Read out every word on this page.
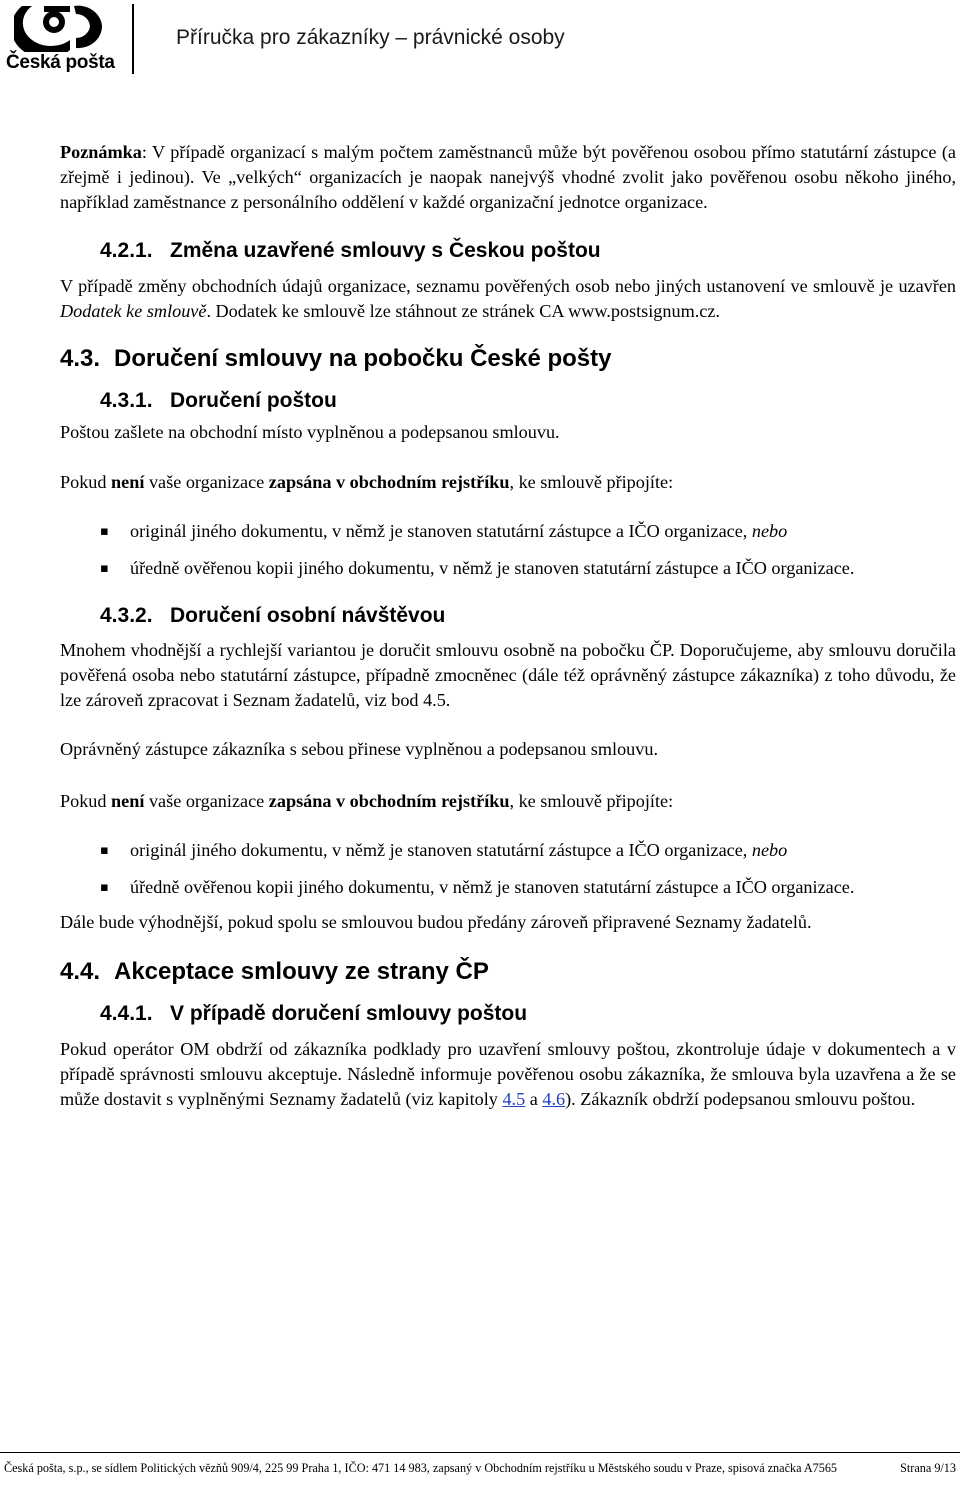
Česká pošta
Příručka pro zákazníky – právnické osoby

Poznámka: V případě organizací s malým počtem zaměstnanců může být pověřenou osobou přímo statutární zástupce (a zřejmě i jedinou). Ve „velkých“ organizacích je naopak nanejvýš vhodné zvolit jako pověřenou osobu někoho jiného, například zaměstnance z personálního oddělení v každé organizační jednotce organizace.

4.2.1. Změna uzavřené smlouvy s Českou poštou

V případě změny obchodních údajů organizace, seznamu pověřených osob nebo jiných ustanovení ve smlouvě je uzavřen Dodatek ke smlouvě. Dodatek ke smlouvě lze stáhnout ze stránek CA www.postsignum.cz.

4.3. Doručení smlouvy na pobočku České pošty
4.3.1. Doručení poštou

Poštou zašlete na obchodní místo vyplněnou a podepsanou smlouvu.

Pokud není vaše organizace zapsána v obchodním rejstříku, ke smlouvě připojíte:

▪ originál jiného dokumentu, v němž je stanoven statutární zástupce a IČO organizace, nebo
▪ úředně ověřenou kopii jiného dokumentu, v němž je stanoven statutární zástupce a IČO organizace.
4.3.2. Doručení osobní návštěvou

Mnohem vhodnější a rychlejší variantou je doručit smlouvu osobně na pobočku ČP. Doporučujeme, aby smlouvu doručila pověřená osoba nebo statutární zástupce, případně zmocněnec (dále též oprávněný zástupce zákazníka) z toho důvodu, že lze zároveň zpracovat i Seznam žadatelů, viz bod 4.5.

Oprávněný zástupce zákazníka s sebou přinese vyplněnou a podepsanou smlouvu.

Pokud není vaše organizace zapsána v obchodním rejstříku, ke smlouvě připojíte:

▪ originál jiného dokumentu, v němž je stanoven statutární zástupce a IČO organizace, nebo
▪ úředně ověřenou kopii jiného dokumentu, v němž je stanoven statutární zástupce a IČO organizace.

Dále bude výhodnější, pokud spolu se smlouvou budou předány zároveň připravené Seznamy žadatelů.

4.4. Akceptace smlouvy ze strany ČP
4.4.1. V případě doručení smlouvy poštou

Pokud operátor OM obdrží od zákazníka podklady pro uzavření smlouvy poštou, zkontroluje údaje v dokumentech a v případě správnosti smlouvu akceptuje. Následně informuje pověřenou osobu zákazníka, že smlouva byla uzavřena a že se může dostavit s vyplněnými Seznamy žadatelů (viz kapitoly 4.5 a 4.6). Zákazník obdrží podepsanou smlouvu poštou.

Česká pošta, s.p., se sídlem Politických vězňů 909/4, 225 99 Praha 1, IČO: 471 14 983, zapsaný v Obchodním rejstříku u Městského soudu v Praze, spisová značka A7565	Strana 9/13
